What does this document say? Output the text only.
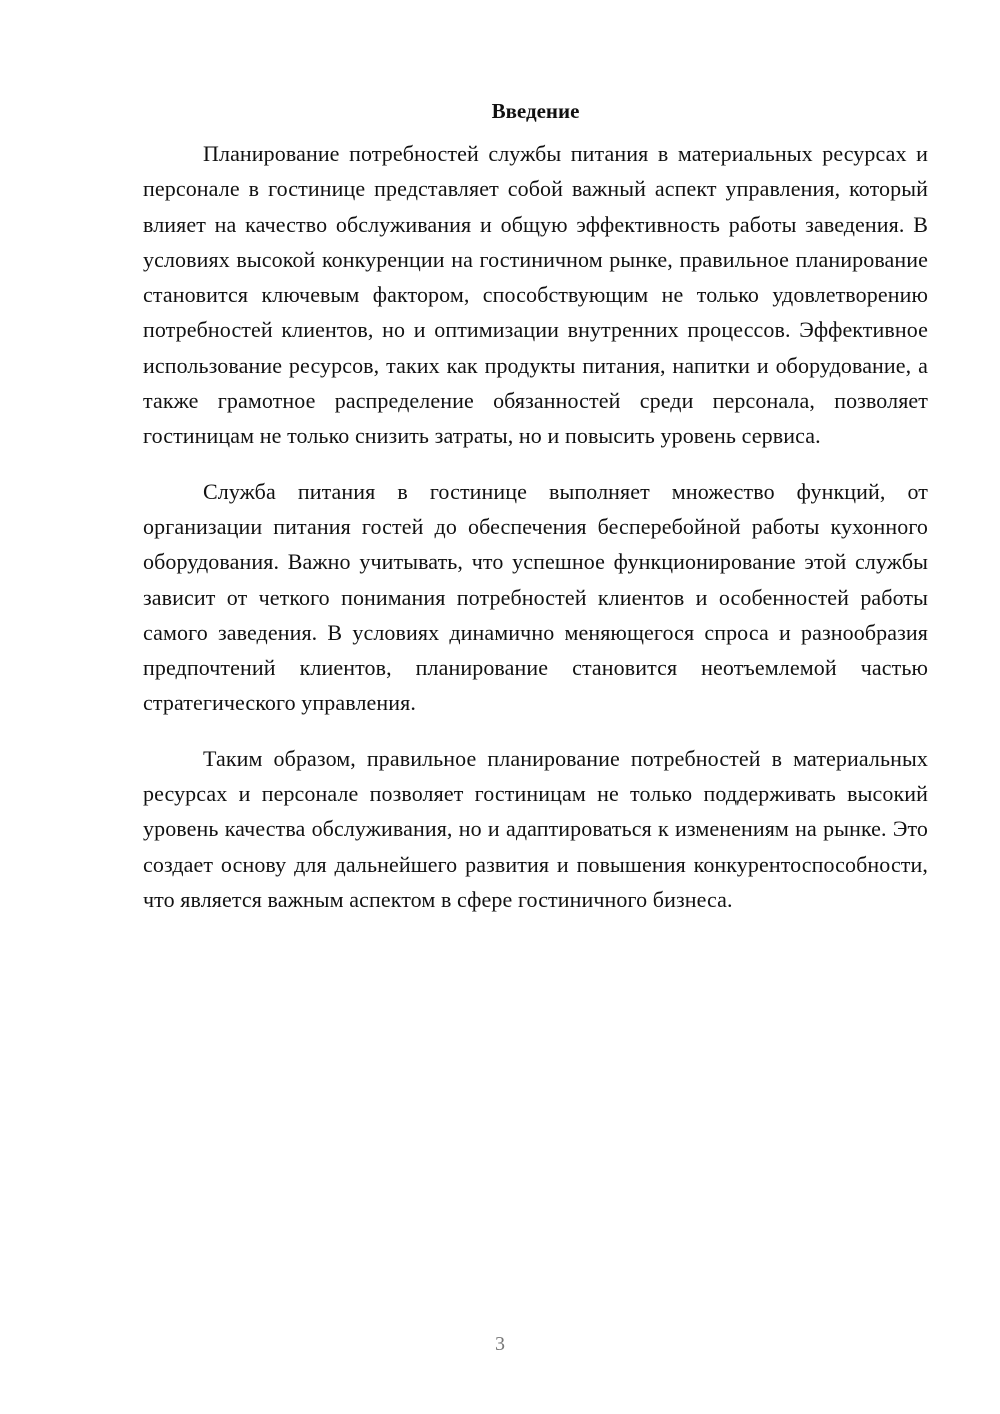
Введение

Планирование потребностей службы питания в материальных ресурсах и персонале в гостинице представляет собой важный аспект управления, который влияет на качество обслуживания и общую эффективность работы заведения. В условиях высокой конкуренции на гостиничном рынке, правильное планирование становится ключевым фактором, способствующим не только удовлетворению потребностей клиентов, но и оптимизации внутренних процессов. Эффективное использование ресурсов, таких как продукты питания, напитки и оборудование, а также грамотное распределение обязанностей среди персонала, позволяет гостиницам не только снизить затраты, но и повысить уровень сервиса.

Служба питания в гостинице выполняет множество функций, от организации питания гостей до обеспечения бесперебойной работы кухонного оборудования. Важно учитывать, что успешное функционирование этой службы зависит от четкого понимания потребностей клиентов и особенностей работы самого заведения. В условиях динамично меняющегося спроса и разнообразия предпочтений клиентов, планирование становится неотъемлемой частью стратегического управления.

Таким образом, правильное планирование потребностей в материальных ресурсах и персонале позволяет гостиницам не только поддерживать высокий уровень качества обслуживания, но и адаптироваться к изменениям на рынке. Это создает основу для дальнейшего развития и повышения конкурентоспособности, что является важным аспектом в сфере гостиничного бизнеса.

3
